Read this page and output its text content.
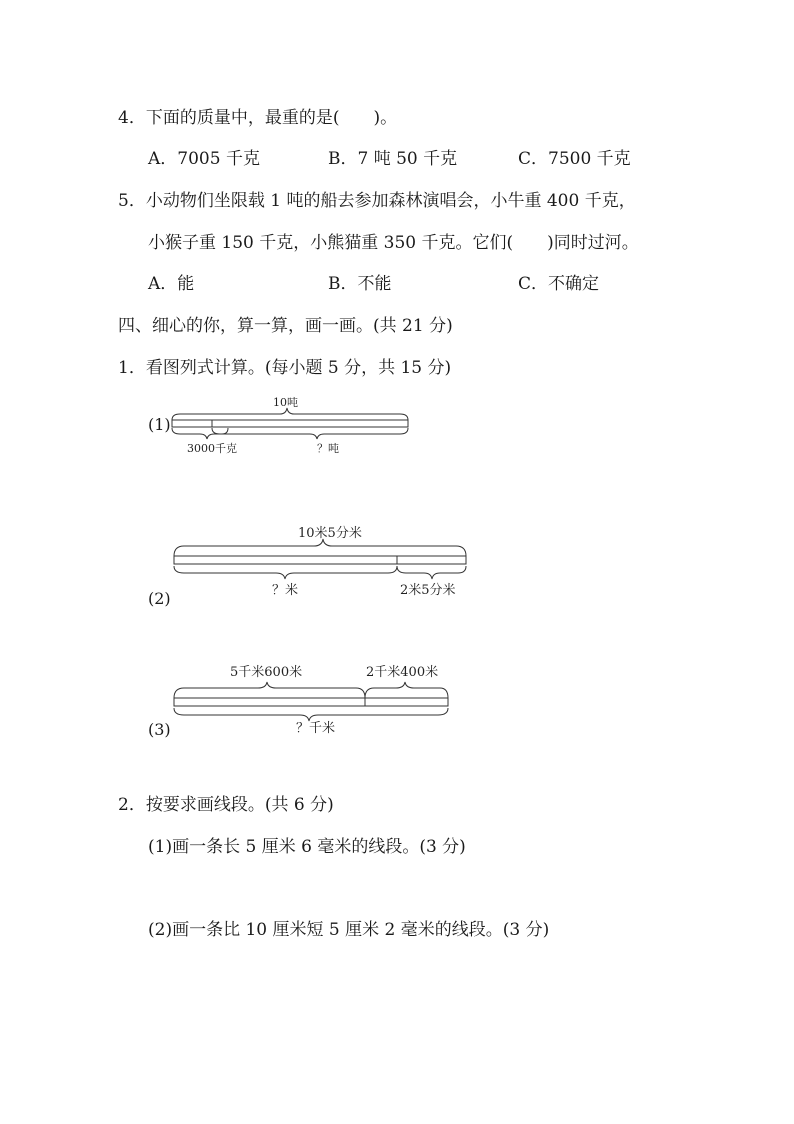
4．下面的质量中，最重的是(　　)。
A．7005 千克	B．7 吨 50 千克	C．7500 千克
5．小动物们坐限载 1 吨的船去参加森林演唱会，小牛重 400 千克，
小猴子重 150 千克，小熊猫重 350 千克。它们(　　)同时过河。
A．能	B．不能	C．不确定
四、细心的你，算一算，画一画。(共 21 分)
1．看图列式计算。(每小题 5 分，共 15 分)
(1)
10吨
3000千克	？吨
(2)
10米5分米
？米	2米5分米
(3)
5千米600米	2千米400米
？千米
2．按要求画线段。(共 6 分)
(1)画一条长 5 厘米 6 毫米的线段。(3 分)
(2)画一条比 10 厘米短 5 厘米 2 毫米的线段。(3 分)
